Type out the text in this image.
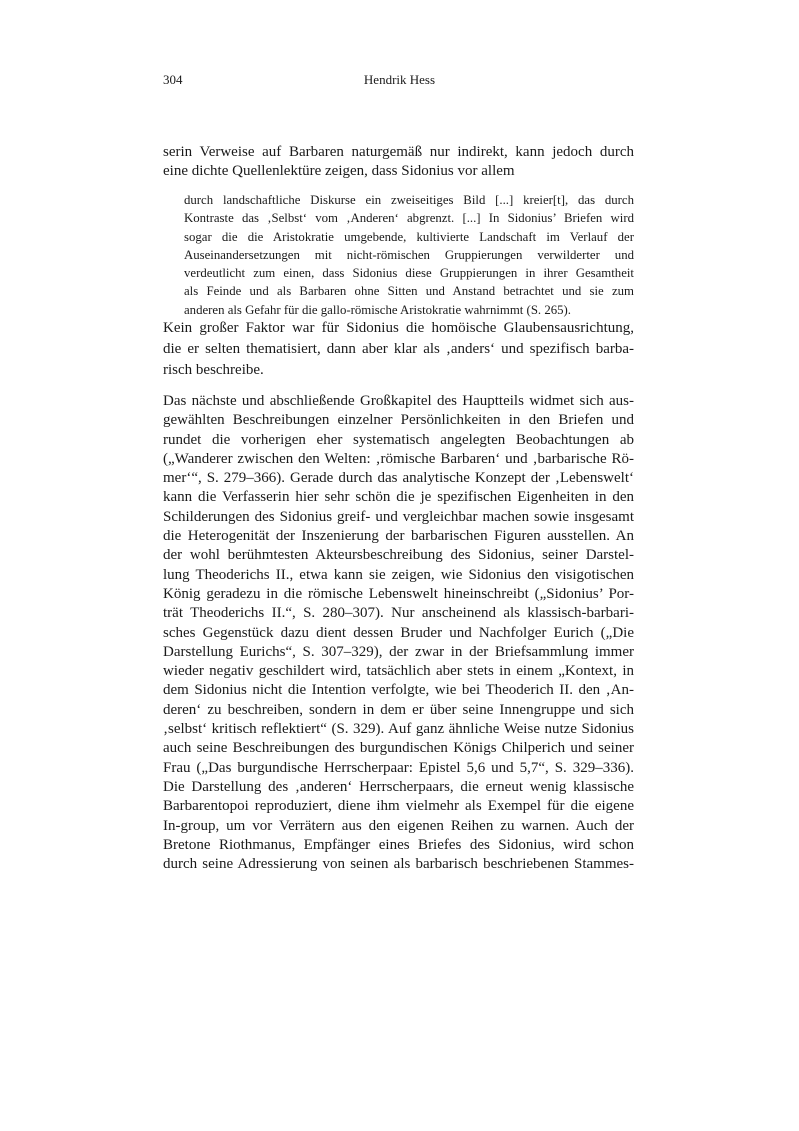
304	Hendrik Hess
serin Verweise auf Barbaren naturgemäß nur indirekt, kann jedoch durch
eine dichte Quellenlektüre zeigen, dass Sidonius vor allem
durch landschaftliche Diskurse ein zweiseitiges Bild [...] kreier[t], das durch
Kontraste das ‚Selbst‘ vom ‚Anderen‘ abgrenzt. [...] In Sidonius’ Briefen wird
sogar die die Aristokratie umgebende, kultivierte Landschaft im Verlauf der
Auseinandersetzungen mit nicht-römischen Gruppierungen verwilderter und
verdeutlicht zum einen, dass Sidonius diese Gruppierungen in ihrer Gesamtheit
als Feinde und als Barbaren ohne Sitten und Anstand betrachtet und sie zum
anderen als Gefahr für die gallo-römische Aristokratie wahrnimmt (S. 265).
Kein großer Faktor war für Sidonius die homöische Glaubensausrichtung,
die er selten thematisiert, dann aber klar als ‚anders‘ und spezifisch barba-
risch beschreibe.
Das nächste und abschließende Großkapitel des Hauptteils widmet sich aus-
gewählten Beschreibungen einzelner Persönlichkeiten in den Briefen und
rundet die vorherigen eher systematisch angelegten Beobachtungen ab
(„Wanderer zwischen den Welten: ‚römische Barbaren‘ und ‚barbarische Rö-
mer‘“, S. 279–366). Gerade durch das analytische Konzept der ‚Lebenswelt‘
kann die Verfasserin hier sehr schön die je spezifischen Eigenheiten in den
Schilderungen des Sidonius greif- und vergleichbar machen sowie insgesamt
die Heterogenität der Inszenierung der barbarischen Figuren ausstellen. An
der wohl berühmtesten Akteursbeschreibung des Sidonius, seiner Darstel-
lung Theoderichs II., etwa kann sie zeigen, wie Sidonius den visigotischen
König geradezu in die römische Lebenswelt hineinschreibt („Sidonius’ Por-
trät Theoderichs II.“, S. 280–307). Nur anscheinend als klassisch-barbari-
sches Gegenstück dazu dient dessen Bruder und Nachfolger Eurich („Die
Darstellung Eurichs“, S. 307–329), der zwar in der Briefsammlung immer
wieder negativ geschildert wird, tatsächlich aber stets in einem „Kontext, in
dem Sidonius nicht die Intention verfolgte, wie bei Theoderich II. den ‚An-
deren‘ zu beschreiben, sondern in dem er über seine Innengruppe und sich
‚selbst‘ kritisch reflektiert“ (S. 329). Auf ganz ähnliche Weise nutze Sidonius
auch seine Beschreibungen des burgundischen Königs Chilperich und seiner
Frau („Das burgundische Herrscherpaar: Epistel 5,6 und 5,7“, S. 329–336).
Die Darstellung des ‚anderen‘ Herrscherpaars, die erneut wenig klassische
Barbarentopoi reproduziert, diene ihm vielmehr als Exempel für die eigene
In-group, um vor Verrätern aus den eigenen Reihen zu warnen. Auch der
Bretone Riothmanus, Empfänger eines Briefes des Sidonius, wird schon
durch seine Adressierung von seinen als barbarisch beschriebenen Stammes-
